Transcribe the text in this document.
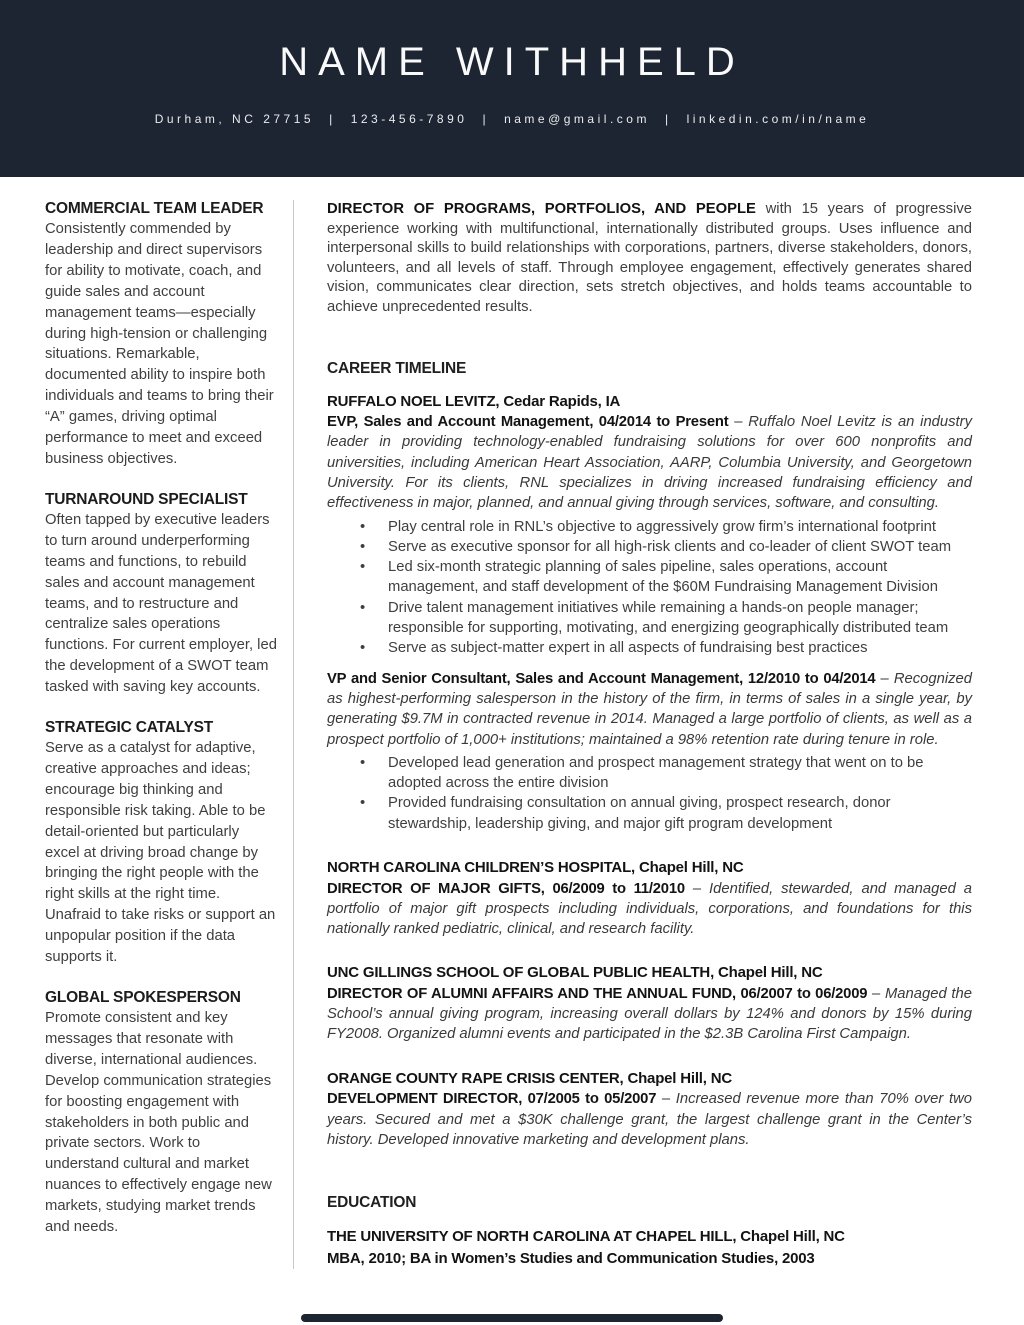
NAME WITHHELD
Durham, NC 27715 | 123-456-7890 | name@gmail.com | linkedin.com/in/name

COMMERCIAL TEAM LEADER

Consistently commended by leadership and direct supervisors for ability to motivate, coach, and guide sales and account management teams—especially during high-tension or challenging situations. Remarkable, documented ability to inspire both individuals and teams to bring their “A” games, driving optimal performance to meet and exceed business objectives.

TURNAROUND SPECIALIST

Often tapped by executive leaders to turn around underperforming teams and functions, to rebuild sales and account management teams, and to restructure and centralize sales operations functions. For current employer, led the development of a SWOT team tasked with saving key accounts.

STRATEGIC CATALYST

Serve as a catalyst for adaptive, creative approaches and ideas; encourage big thinking and responsible risk taking. Able to be detail-oriented but particularly excel at driving broad change by bringing the right people with the right skills at the right time. Unafraid to take risks or support an unpopular position if the data supports it.

GLOBAL SPOKESPERSON

Promote consistent and key messages that resonate with diverse, international audiences. Develop communication strategies for boosting engagement with stakeholders in both public and private sectors. Work to understand cultural and market nuances to effectively engage new markets, studying market trends and needs.

DIRECTOR OF PROGRAMS, PORTFOLIOS, AND PEOPLE with 15 years of progressive experience working with multifunctional, internationally distributed groups. Uses influence and interpersonal skills to build relationships with corporations, partners, diverse stakeholders, donors, volunteers, and all levels of staff. Through employee engagement, effectively generates shared vision, communicates clear direction, sets stretch objectives, and holds teams accountable to achieve unprecedented results.

CAREER TIMELINE

RUFFALO NOEL LEVITZ, Cedar Rapids, IA

EVP, Sales and Account Management, 04/2014 to Present – Ruffalo Noel Levitz is an industry leader in providing technology-enabled fundraising solutions for over 600 nonprofits and universities, including American Heart Association, AARP, Columbia University, and Georgetown University. For its clients, RNL specializes in driving increased fundraising efficiency and effectiveness in major, planned, and annual giving through services, software, and consulting.

•	Play central role in RNL’s objective to aggressively grow firm’s international footprint
•	Serve as executive sponsor for all high-risk clients and co-leader of client SWOT team
•	Led six-month strategic planning of sales pipeline, sales operations, account management, and staff development of the $60M Fundraising Management Division
•	Drive talent management initiatives while remaining a hands-on people manager; responsible for supporting, motivating, and energizing geographically distributed team
•	Serve as subject-matter expert in all aspects of fundraising best practices

VP and Senior Consultant, Sales and Account Management, 12/2010 to 04/2014 – Recognized as highest-performing salesperson in the history of the firm, in terms of sales in a single year, by generating $9.7M in contracted revenue in 2014. Managed a large portfolio of clients, as well as a prospect portfolio of 1,000+ institutions; maintained a 98% retention rate during tenure in role.

•	Developed lead generation and prospect management strategy that went on to be adopted across the entire division
•	Provided fundraising consultation on annual giving, prospect research, donor stewardship, leadership giving, and major gift program development

NORTH CAROLINA CHILDREN’S HOSPITAL, Chapel Hill, NC

DIRECTOR OF MAJOR GIFTS, 06/2009 to 11/2010 – Identified, stewarded, and managed a portfolio of major gift prospects including individuals, corporations, and foundations for this nationally ranked pediatric, clinical, and research facility.

UNC GILLINGS SCHOOL OF GLOBAL PUBLIC HEALTH, Chapel Hill, NC

DIRECTOR OF ALUMNI AFFAIRS AND THE ANNUAL FUND, 06/2007 to 06/2009 – Managed the School’s annual giving program, increasing overall dollars by 124% and donors by 15% during FY2008. Organized alumni events and participated in the $2.3B Carolina First Campaign.

ORANGE COUNTY RAPE CRISIS CENTER, Chapel Hill, NC

DEVELOPMENT DIRECTOR, 07/2005 to 05/2007 – Increased revenue more than 70% over two years. Secured and met a $30K challenge grant, the largest challenge grant in the Center’s history. Developed innovative marketing and development plans.

EDUCATION

THE UNIVERSITY OF NORTH CAROLINA AT CHAPEL HILL, Chapel Hill, NC

MBA, 2010; BA in Women’s Studies and Communication Studies, 2003
